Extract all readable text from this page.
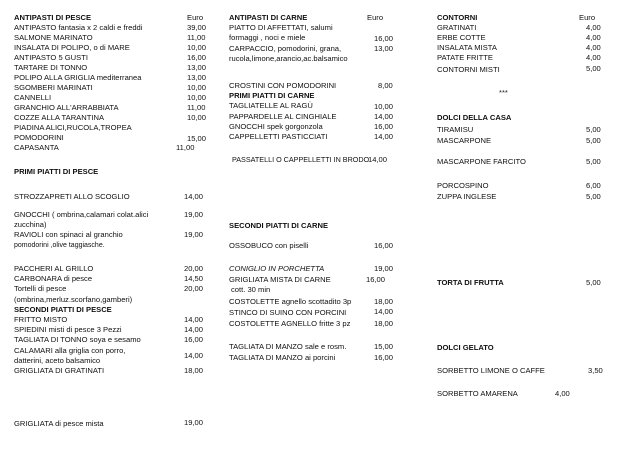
ANTIPASTI DI PESCE	Euro
ANTIPASTO fantasia x 2 caldi e freddi	39,00
SALMONE MARINATO	11,00
INSALATA DI POLIPO, o di MARE	10,00
ANTIPASTO 5 GUSTI	16,00
TARTARE DI TONNO	13,00
POLIPO ALLA GRIGLIA mediterranea	13,00
SGOMBERI MARINATI	10,00
CANNELLI	10,00
GRANCHIO ALL'ARRABBIATA	11,00
COZZE ALLA TARANTINA	10,00
PIADINA ALICI,RUCOLA,TROPEA
POMODORINI	15,00
CAPASANTA	11,00
PRIMI PIATTI DI PESCE
STROZZAPRETI ALLO SCOGLIO	14,00
GNOCCHI ( ombrina,calamari colat.alici
zucchina)
19,00
RAVIOLI con spinaci al granchio
pomodorini ,olive taggiasche.
19,00
PACCHERI AL GRILLO	20,00
CARBONARA di pesce	14,50
Tortelli di pesce
(ombrina,merluz.scorfano,gamberi)
20,00
SECONDI PIATTI DI PESCE
FRITTO MISTO	14,00
SPIEDINI misti di pesce 3 Pezzi	14,00
TAGLIATA DI TONNO soya e sesamo	16,00
CALAMARI alla griglia con porro,
datterini, aceto balsamico
14,00
GRIGLIATA DI GRATINATI	18,00
GRIGLIATA di pesce mista	19,00
ANTIPASTI DI CARNE	Euro
PIATTO DI AFFETTATI, salumi
formaggi , noci e miele	16,00
CARPACCIO, pomodorini, grana,
rucola,limone,arancio,ac.balsamico
13,00
CROSTINI CON POMODORINI	8,00
PRIMI PIATTI DI CARNE
TAGLIATELLE AL RAGÙ	10,00
PAPPARDELLE AL CINGHIALE	14,00
GNOCCHI spek gorgonzola	16,00
CAPPELLETTI PASTICCIATI	14,00
PASSATELLI O CAPPELLETTI IN BRODO
14,00
SECONDI PIATTI DI CARNE
OSSOBUCO con piselli	16,00
CONIGLIO IN PORCHETTA	19,00
GRIGLIATA MISTA DI CARNE
cott. 30 min
16,00
COSTOLETTE agnello scottadito 3p	18,00
STINCO DI SUINO CON PORCINI	14,00
COSTOLETTE AGNELLO fritte 3 pz	18,00
TAGLIATA DI MANZO sale e rosm.	15,00
TAGLIATA DI MANZO ai porcini	16,00
CONTORNI	Euro
GRATINATI	4,00
ERBE COTTE	4,00
INSALATA MISTA	4,00
PATATE FRITTE	4,00
CONTORNI MISTI	5,00
***
DOLCI DELLA CASA
TIRAMISU	5,00
MASCARPONE	5,00
MASCARPONE FARCITO	5,00
PORCOSPINO	6,00
ZUPPA INGLESE	5,00
TORTA DI FRUTTA	5,00
DOLCI GELATO
SORBETTO LIMONE O CAFFE	3,50
SORBETTO AMARENA	4,00
